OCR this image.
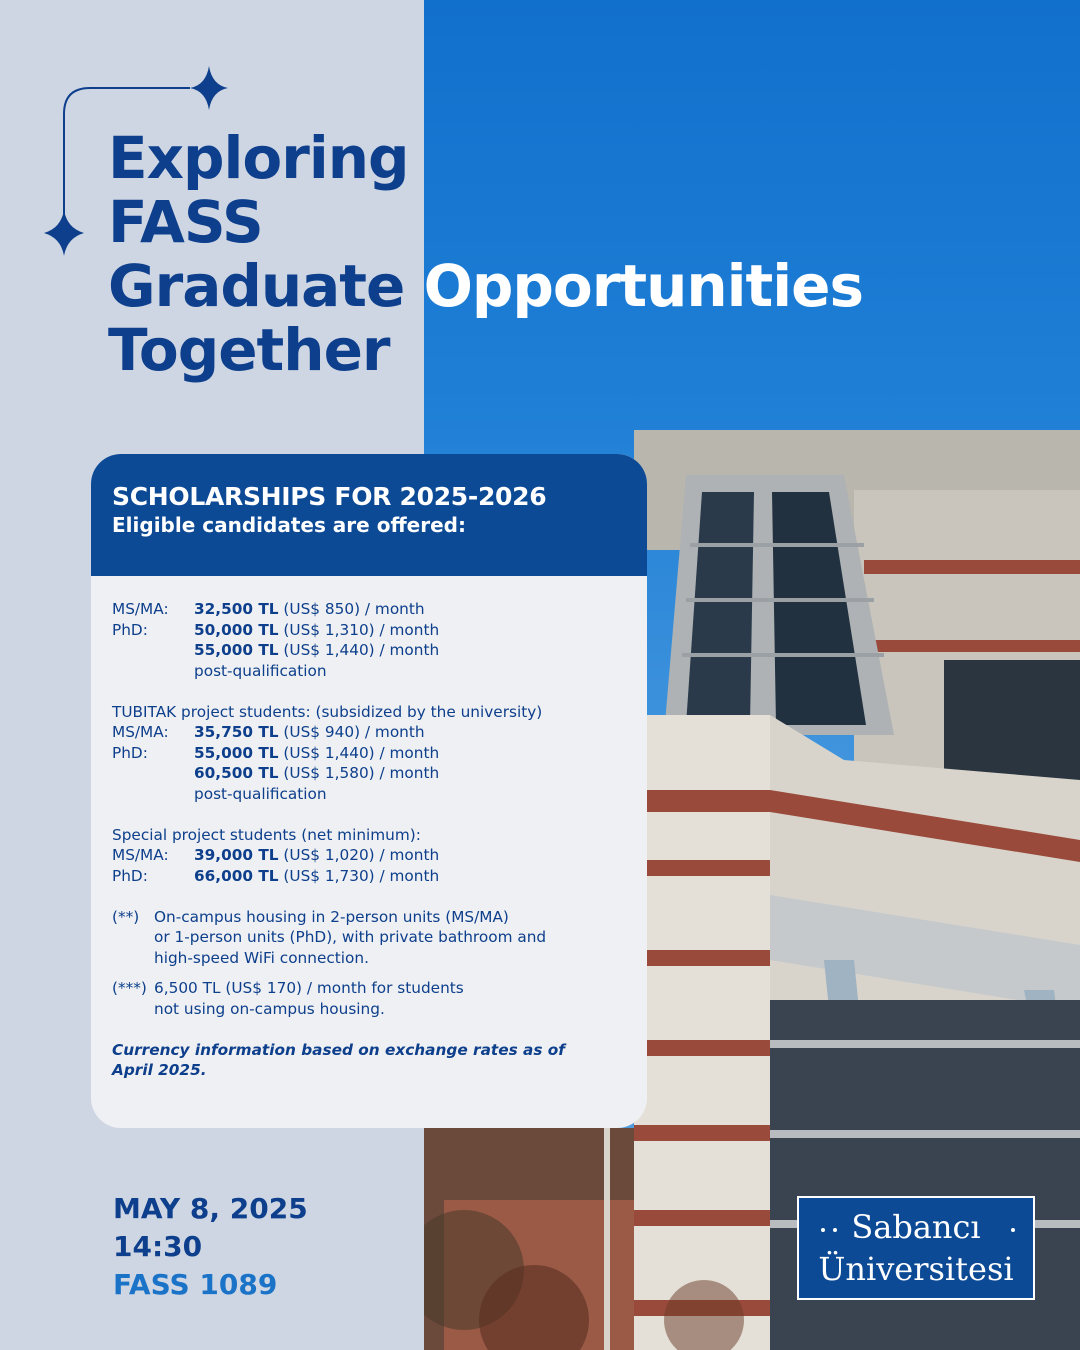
Exploring
FASS
Graduate Opportunities
Together
SCHOLARSHIPS FOR 2025-2026
Eligible candidates are offered:
MS/MA:	32,500 TL (US$ 850) / month
PhD:	50,000 TL (US$ 1,310) / month
55,000 TL (US$ 1,440) / month
post-qualification
TUBITAK project students: (subsidized by the university)
MS/MA:	35,750 TL (US$ 940) / month
PhD:	55,000 TL (US$ 1,440) / month
60,500 TL (US$ 1,580) / month
post-qualification
Special project students (net minimum):
MS/MA:	39,000 TL (US$ 1,020) / month
PhD:	66,000 TL (US$ 1,730) / month
(**) On-campus housing in 2-person units (MS/MA)
or 1-person units (PhD), with private bathroom and
high-speed WiFi connection.
(***) 6,500 TL (US$ 170) / month for students
not using on-campus housing.
Currency information based on exchange rates as of
April 2025.
MAY 8, 2025
14:30
FASS 1089
Sabancı
Üniversitesi
